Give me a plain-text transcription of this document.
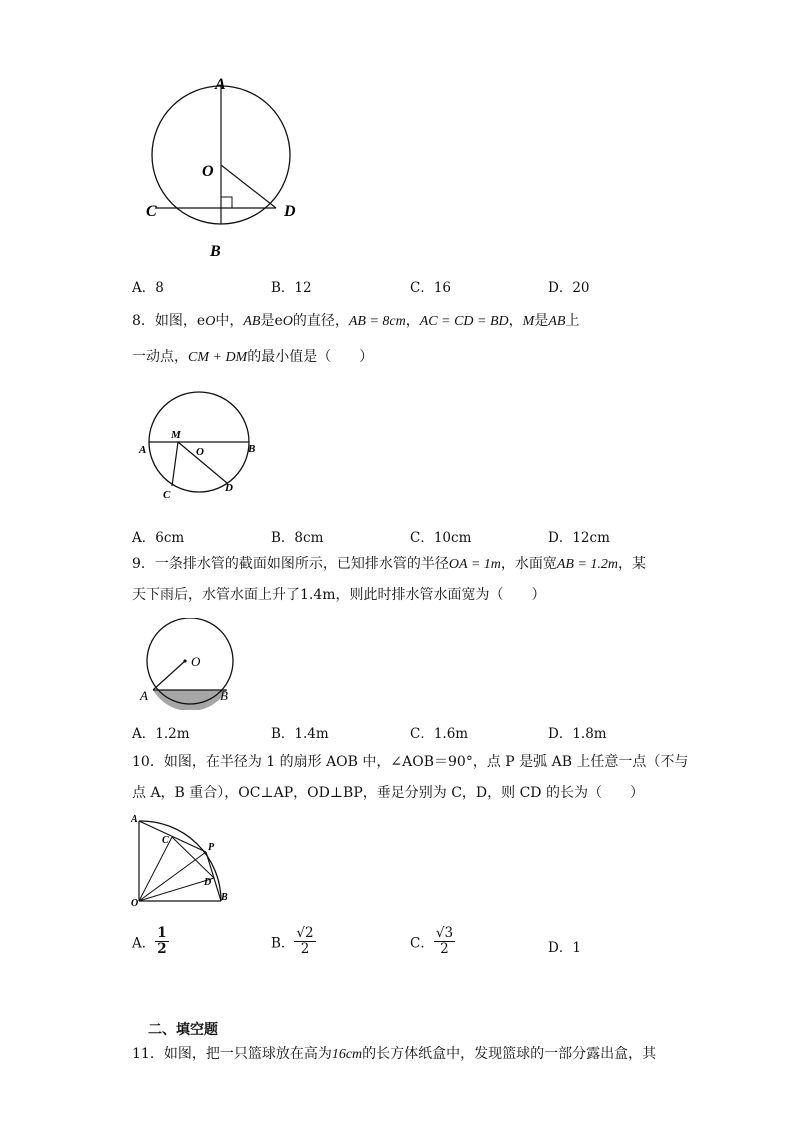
A
O
C	D
B
A．8	B．12	C．16	D．20
8．如图，eO中，AB是eO的直径，AB = 8cm，AC = CD = BD，M是AB上
一动点，CM + DM的最小值是（　　）
M
O
A	B
C
D
A．6cm	B．8cm	C．10cm	D．12cm
9．一条排水管的截面如图所示，已知排水管的半径OA = 1m，水面宽AB = 1.2m，某
天下雨后，水管水面上升了1.4m，则此时排水管水面宽为（　　）
O
A	B
A．1.2m	B．1.4m	C．1.6m	D．1.8m
10．如图，在半径为 1 的扇形 AOB 中，∠AOB＝90°，点 P 是弧 AB 上任意一点（不与
点 A，B 重合），OC⊥AP，OD⊥BP，垂足分别为 C，D，则 CD 的长为（　　）
A
C
P
D
O
B
A． $\frac{1}{2}$	B． $\frac{√2}{2}$	C． $\frac{√3}{2}$	D．1
二、填空题
11．如图，把一只篮球放在高为16cm的长方体纸盒中，发现篮球的一部分露出盒，其
